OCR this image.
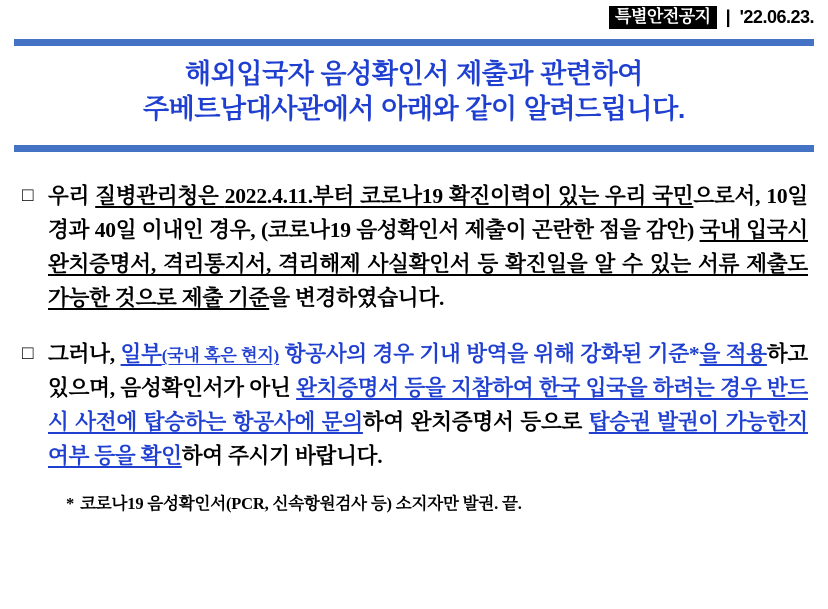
특별안전공지 | '22.06.23.
해외입국자 음성확인서 제출과 관련하여
주베트남대사관에서 아래와 같이 알려드립니다.
□ 우리 질병관리청은 2022.4.11.부터 코로나19 확진이력이 있는 우리 국민으로서, 10일 경과 40일 이내인 경우, (코로나19 음성확인서 제출이 곤란한 점을 감안) 국내 입국시 완치증명서, 격리통지서, 격리해제 사실확인서 등 확진일을 알 수 있는 서류 제출도 가능한 것으로 제출 기준을 변경하였습니다.
□ 그러나, 일부(국내 혹은 현지) 항공사의 경우 기내 방역을 위해 강화된 기준*을 적용하고 있으며, 음성확인서가 아닌 완치증명서 등을 지참하여 한국 입국을 하려는 경우 반드시 사전에 탑승하는 항공사에 문의하여 완치증명서 등으로 탑승권 발권이 가능한지 여부 등을 확인하여 주시기 바랍니다.
* 코로나19 음성확인서(PCR, 신속항원검사 등) 소지자만 발권. 끝.
